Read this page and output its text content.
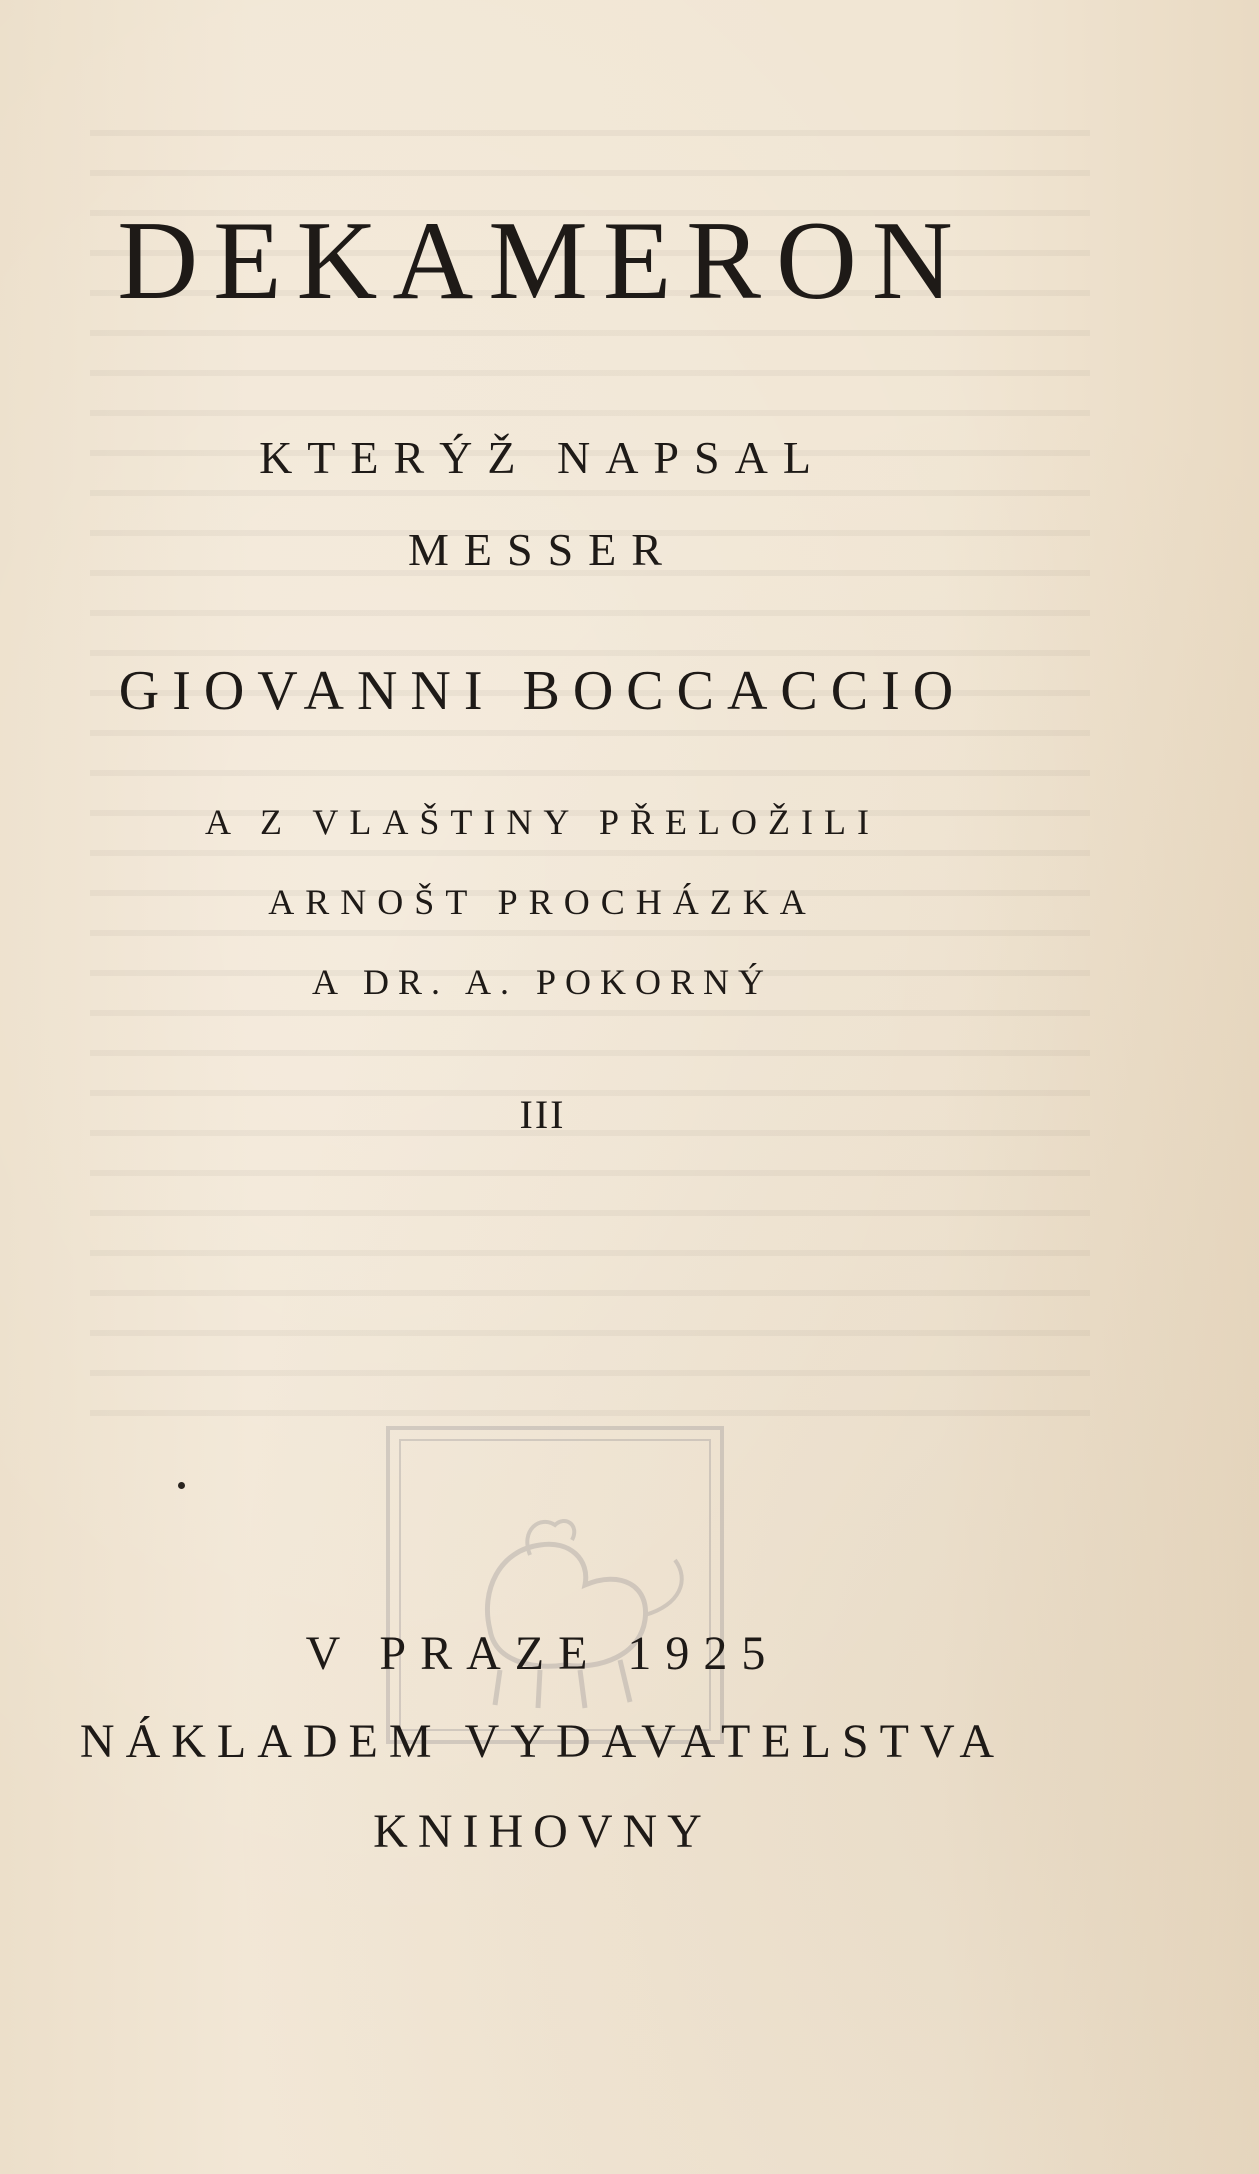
DEKAMERON
KTERÝŽ NAPSAL
MESSER
GIOVANNI BOCCACCIO
A Z VLAŠTINY PŘELOŽILI
ARNOŠT PROCHÁZKA
A DR. A. POKORNÝ
III
V PRAZE 1925
NÁKLADEM VYDAVATELSTVA
KNIHOVNY
